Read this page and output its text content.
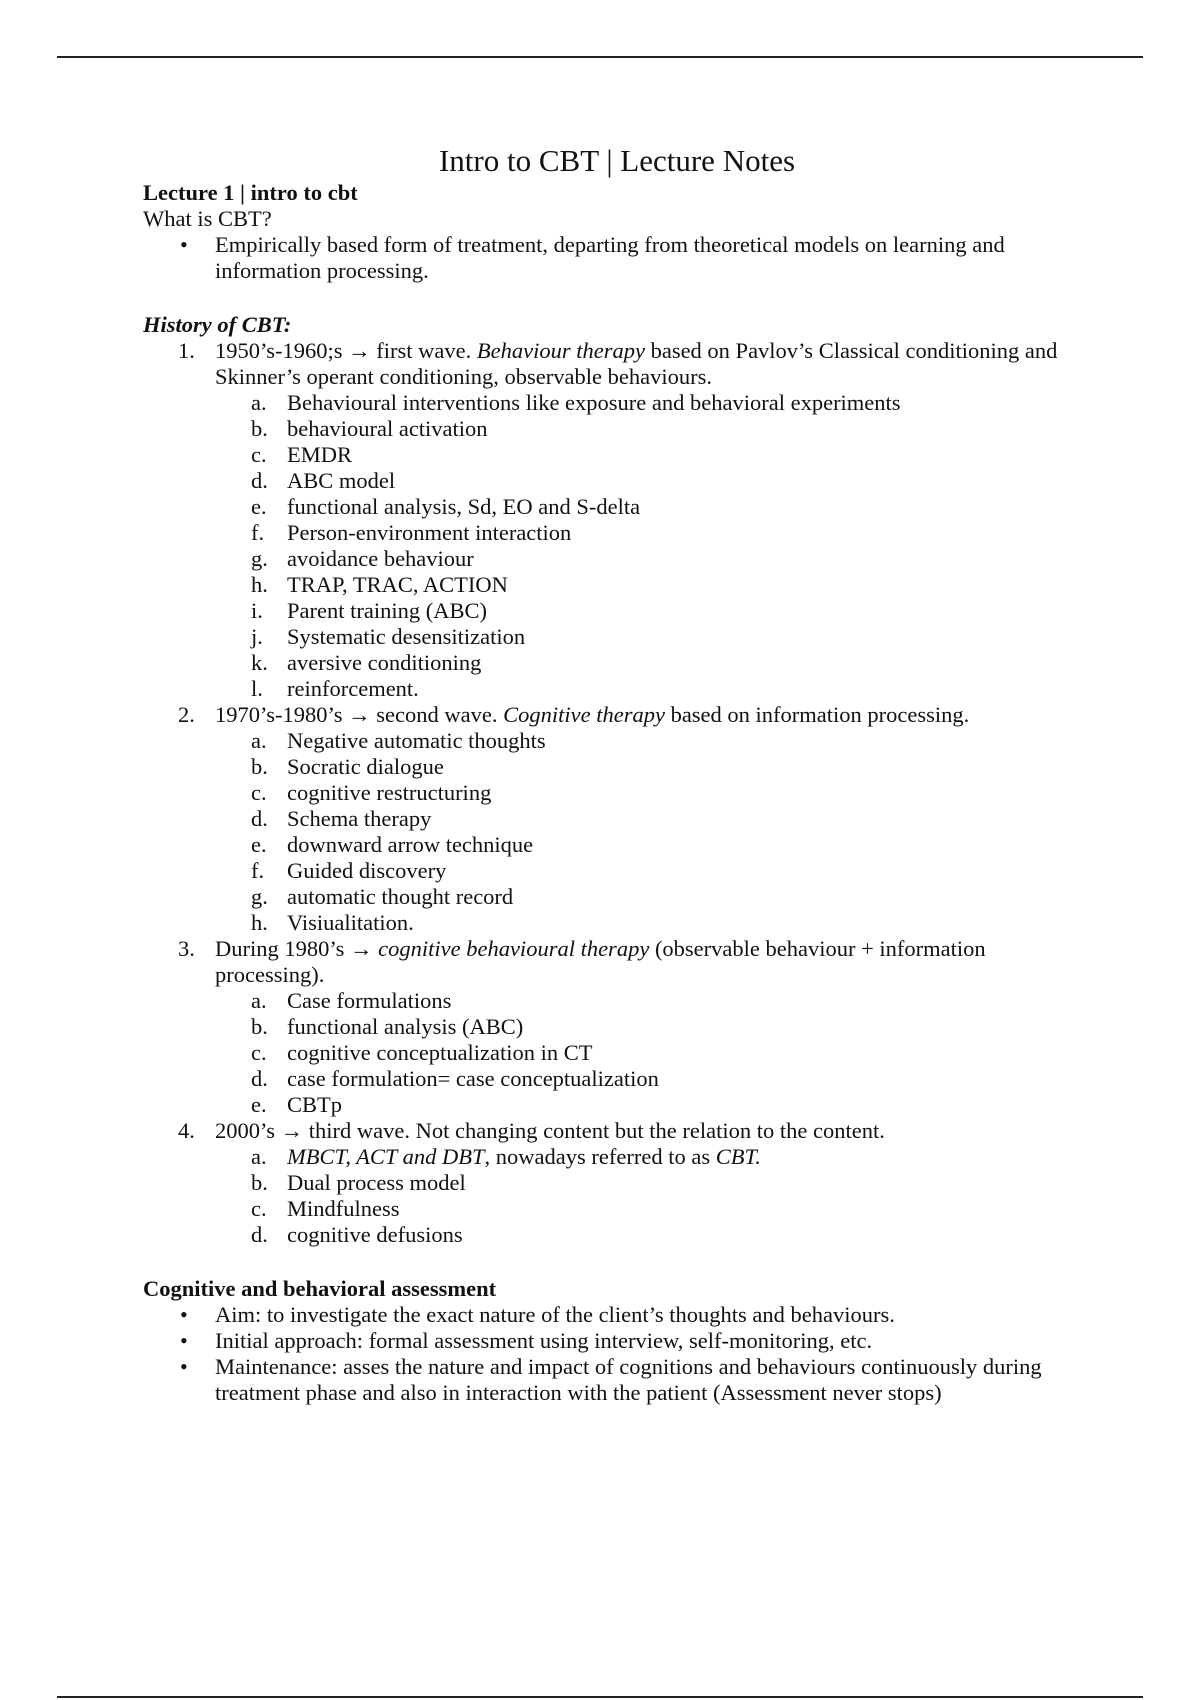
Intro to CBT | Lecture Notes
Lecture 1 | intro to cbt
What is CBT?
• Empirically based form of treatment, departing from theoretical models on learning and information processing.
History of CBT:
1. 1950’s-1960;s → first wave. Behaviour therapy based on Pavlov’s Classical conditioning and Skinner’s operant conditioning, observable behaviours.
a. Behavioural interventions like exposure and behavioral experiments
b. behavioural activation
c. EMDR
d. ABC model
e. functional analysis, Sd, EO and S-delta
f. Person-environment interaction
g. avoidance behaviour
h. TRAP, TRAC, ACTION
i. Parent training (ABC)
j. Systematic desensitization
k. aversive conditioning
l. reinforcement.
2. 1970’s-1980’s → second wave. Cognitive therapy based on information processing.
a. Negative automatic thoughts
b. Socratic dialogue
c. cognitive restructuring
d. Schema therapy
e. downward arrow technique
f. Guided discovery
g. automatic thought record
h. Visiualitation.
3. During 1980’s → cognitive behavioural therapy (observable behaviour + information processing).
a. Case formulations
b. functional analysis (ABC)
c. cognitive conceptualization in CT
d. case formulation= case conceptualization
e. CBTp
4. 2000’s → third wave. Not changing content but the relation to the content.
a. MBCT, ACT and DBT, nowadays referred to as CBT.
b. Dual process model
c. Mindfulness
d. cognitive defusions
Cognitive and behavioral assessment
• Aim: to investigate the exact nature of the client’s thoughts and behaviours.
• Initial approach: formal assessment using interview, self-monitoring, etc.
• Maintenance: asses the nature and impact of cognitions and behaviours continuously during treatment phase and also in interaction with the patient (Assessment never stops)
